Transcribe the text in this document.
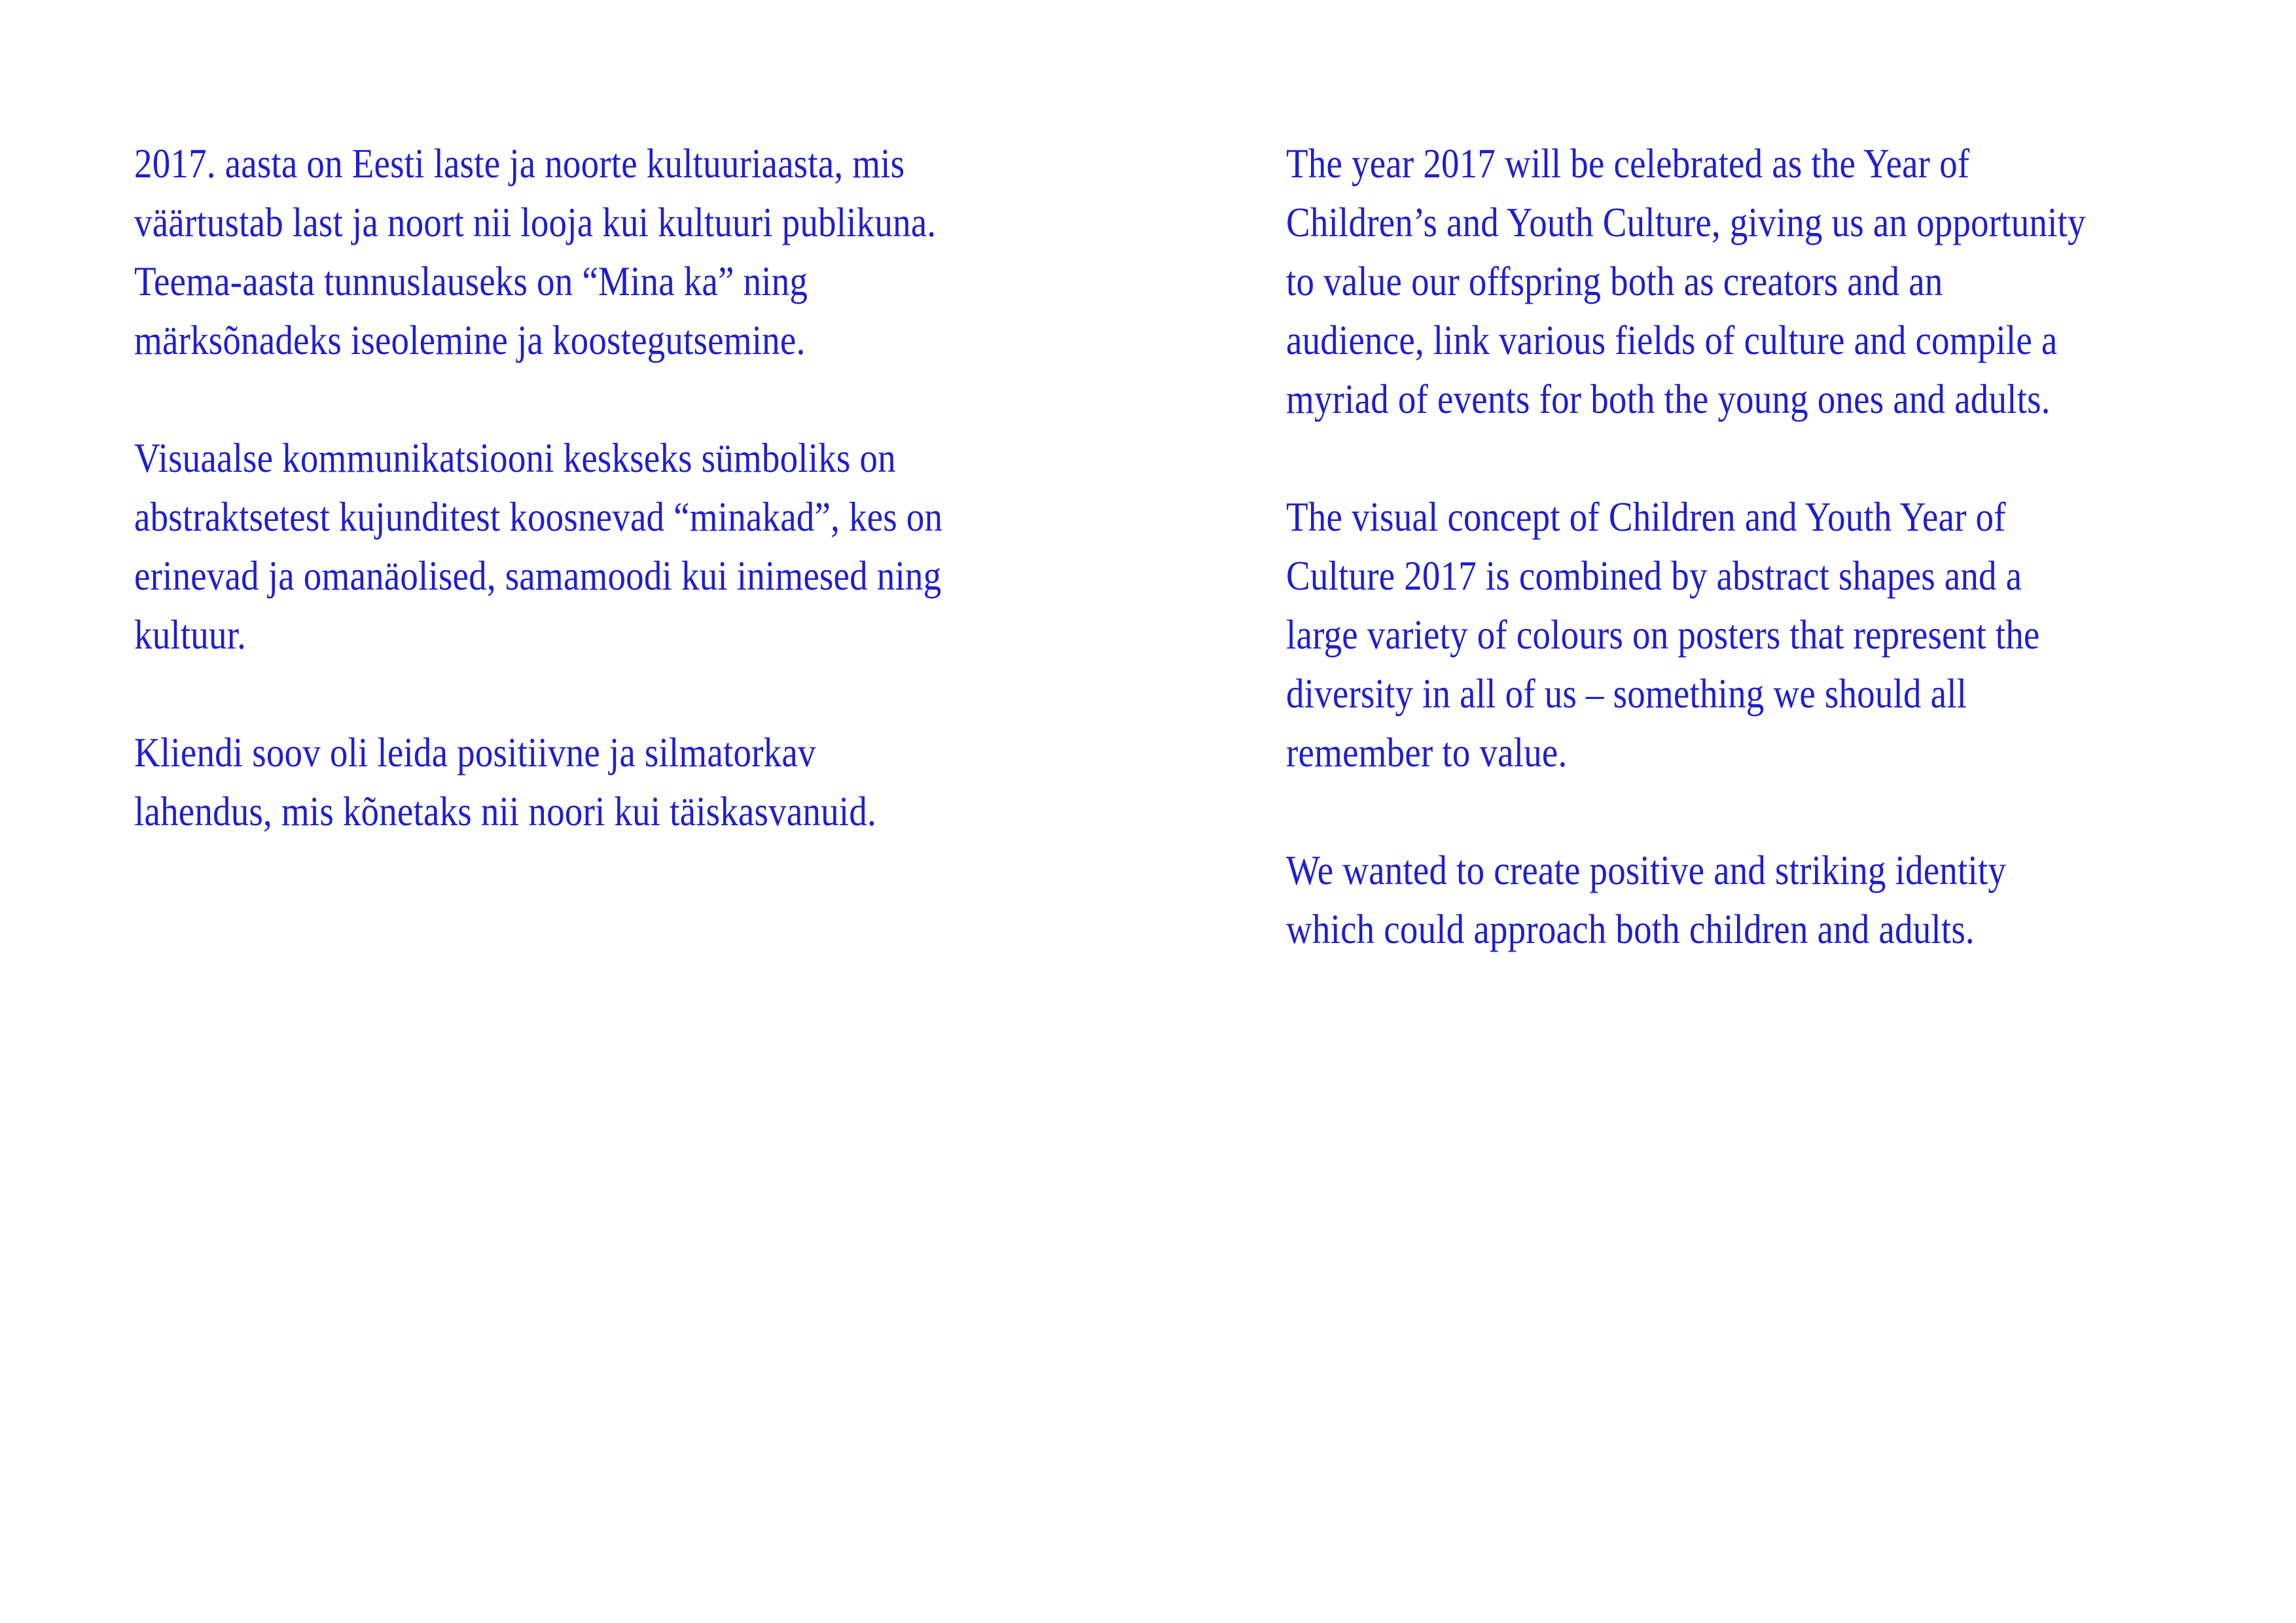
2017. aasta on Eesti laste ja noorte kultuuriaasta, mis
väärtustab last ja noort nii looja kui kultuuri publikuna.
Teema-aasta tunnuslauseks on “Mina ka” ning
märksõnadeks iseolemine ja koostegutsemine.
Visuaalse kommunikatsiooni keskseks sümboliks on
abstraktsetest kujunditest koosnevad “minakad”, kes on
erinevad ja omanäolised, samamoodi kui inimesed ning
kultuur.
Kliendi soov oli leida positiivne ja silmatorkav
lahendus, mis kõnetaks nii noori kui täiskasvanuid.
The year 2017 will be celebrated as the Year of
Children’s and Youth Culture, giving us an opportunity
to value our offspring both as creators and an
audience, link various fields of culture and compile a
myriad of events for both the young ones and adults.
The visual concept of Children and Youth Year of
Culture 2017 is combined by abstract shapes and a
large variety of colours on posters that represent the
diversity in all of us – something we should all
remember to value.
We wanted to create positive and striking identity
which could approach both children and adults.
